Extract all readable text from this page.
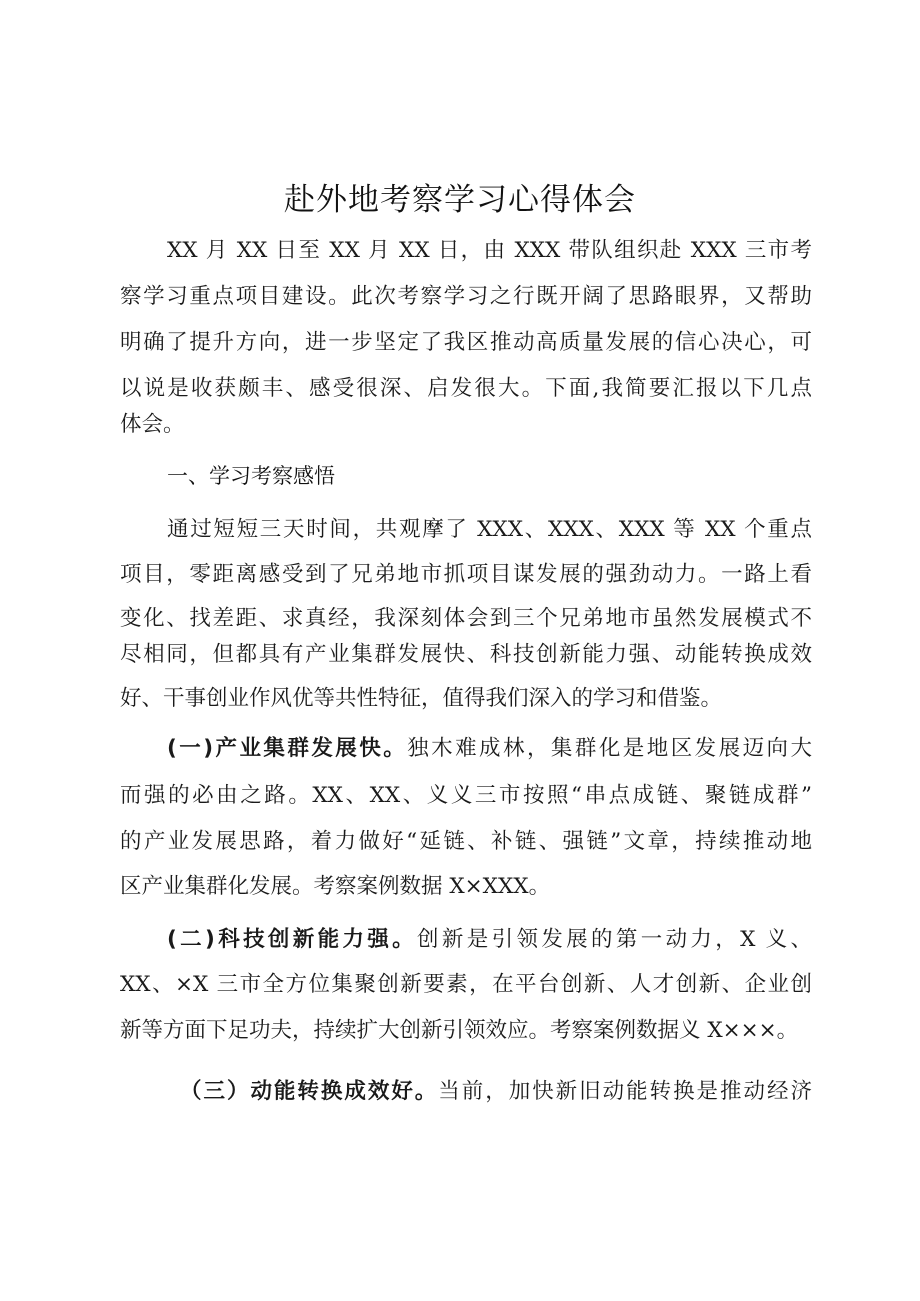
赴外地考察学习心得体会
XX 月 XX 日至 XX 月 XX 日，由 XXX 带队组织赴 XXX 三市考
察学习重点项目建设。此次考察学习之行既开阔了思路眼界，又帮助
明确了提升方向，进一步坚定了我区推动高质量发展的信心决心，可
以说是收获颇丰、感受很深、启发很大。下面,我简要汇报以下几点
体会。
一、学习考察感悟
通过短短三天时间，共观摩了 XXX、XXX、XXX 等 XX 个重点
项目，零距离感受到了兄弟地市抓项目谋发展的强劲动力。一路上看
变化、找差距、求真经，我深刻体会到三个兄弟地市虽然发展模式不
尽相同，但都具有产业集群发展快、科技创新能力强、动能转换成效
好、干事创业作风优等共性特征，值得我们深入的学习和借鉴。
(一)产业集群发展快。独木难成林，集群化是地区发展迈向大
而强的必由之路。XX、XX、义义三市按照“串点成链、聚链成群”
的产业发展思路，着力做好“延链、补链、强链”文章，持续推动地
区产业集群化发展。考察案例数据 X×XXX。
(二)科技创新能力强。创新是引领发展的第一动力，X 义、
XX、×X 三市全方位集聚创新要素，在平台创新、人才创新、企业创
新等方面下足功夫，持续扩大创新引领效应。考察案例数据义 X×××。
（三）动能转换成效好。当前，加快新旧动能转换是推动经济
